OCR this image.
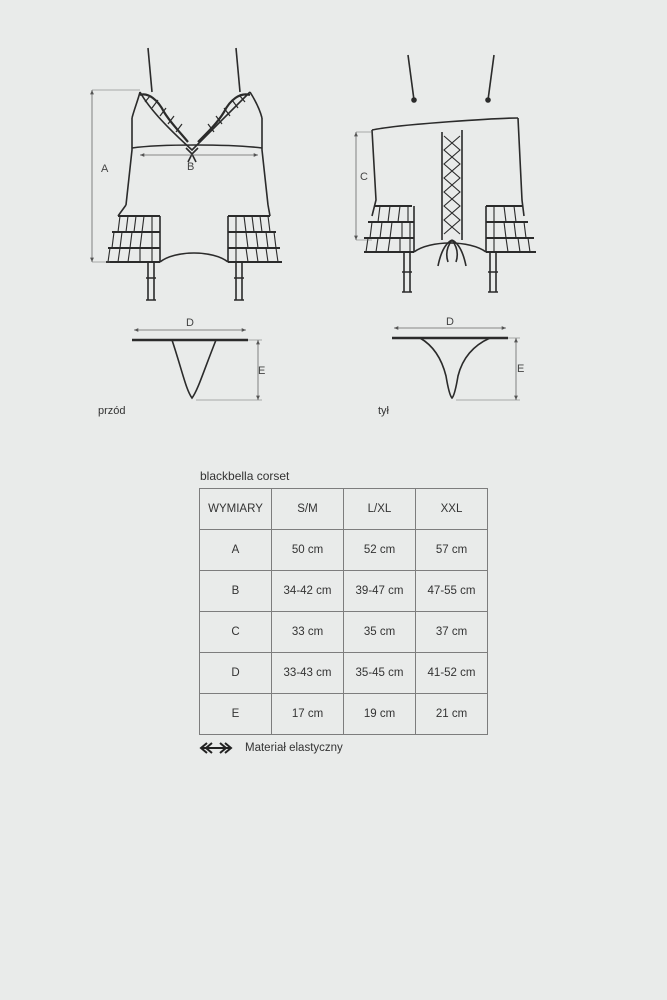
A	B
C
D
E
D
E
przód	tył
blackbella corset
WYMIARY	S/M	L/XL	XXL
A	50 cm	52 cm	57 cm
B	34-42 cm	39-47 cm	47-55 cm
C	33 cm	35 cm	37 cm
D	33-43 cm	35-45 cm	41-52 cm
E	17 cm	19 cm	21 cm
Materiał elastyczny
